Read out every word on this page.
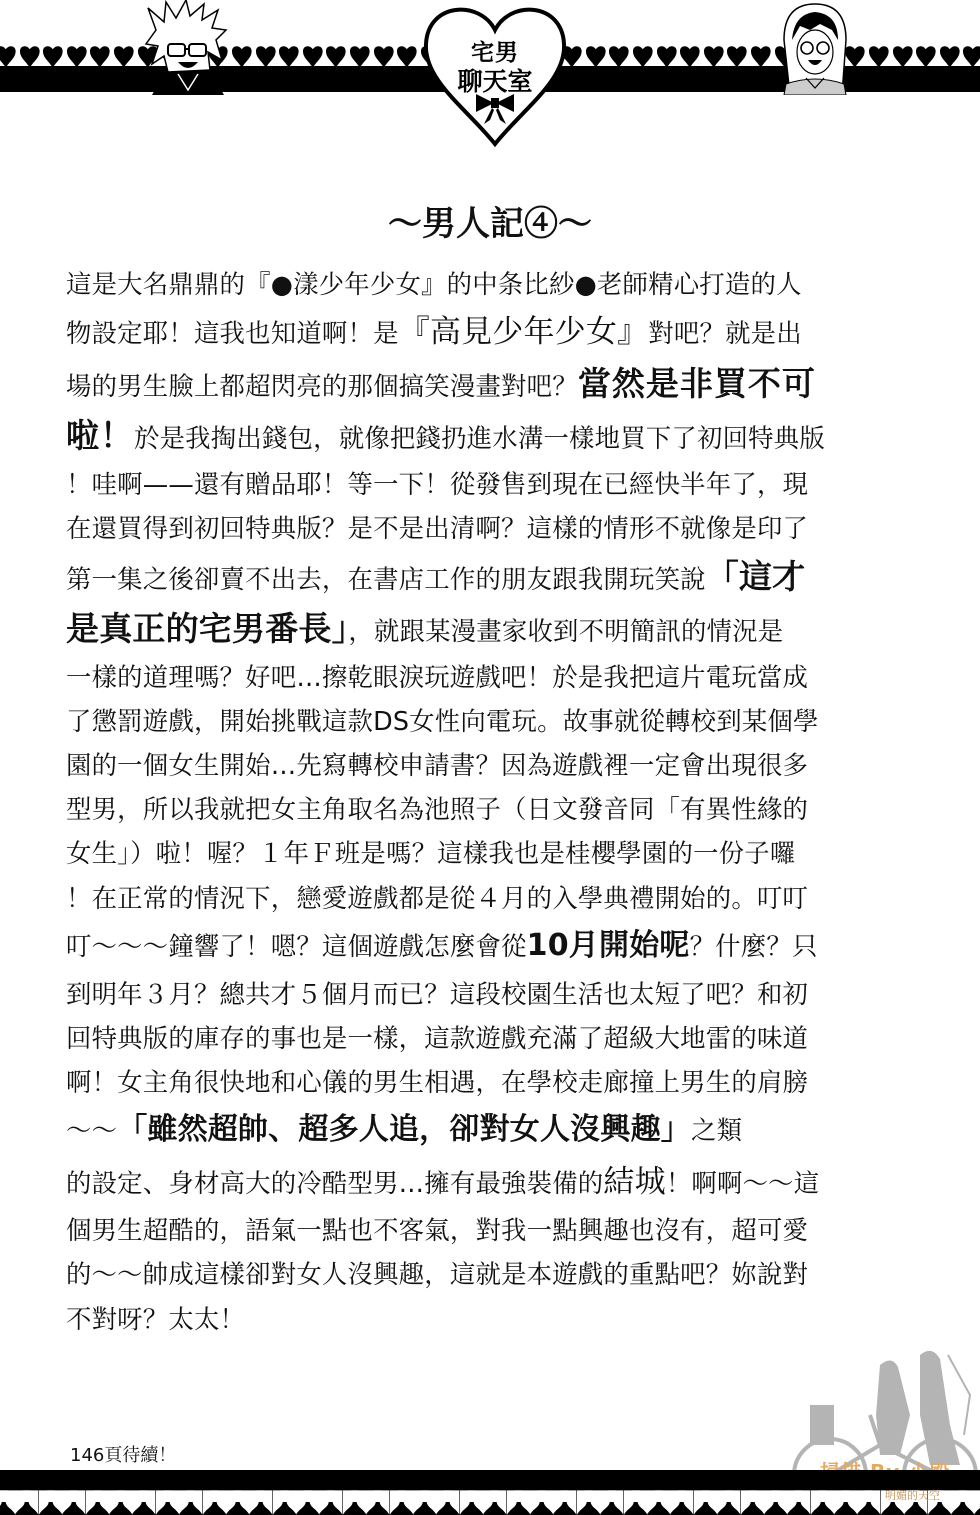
宅男
聊天室
〜男人記④〜
這是大名鼎鼎的『●漾少年少女』的中条比紗●老師精心打造的人
物設定耶！這我也知道啊！是『高見少年少女』對吧？就是出
場的男生臉上都超閃亮的那個搞笑漫畫對吧？當然是非買不可
啦！於是我掏出錢包，就像把錢扔進水溝一樣地買下了初回特典版
！哇啊——還有贈品耶！等一下！從發售到現在已經快半年了，現
在還買得到初回特典版？是不是出清啊？這樣的情形不就像是印了
第一集之後卻賣不出去，在書店工作的朋友跟我開玩笑說「這才
是真正的宅男番長」，就跟某漫畫家收到不明簡訊的情況是
一樣的道理嗎？好吧…擦乾眼淚玩遊戲吧！於是我把這片電玩當成
了懲罰遊戲，開始挑戰這款DS女性向電玩。故事就從轉校到某個學
園的一個女生開始…先寫轉校申請書？因為遊戲裡一定會出現很多
型男，所以我就把女主角取名為池照子（日文發音同「有異性緣的
女生」）啦！喔？１年Ｆ班是嗎？這樣我也是桂櫻學園的一份子囉
！在正常的情況下，戀愛遊戲都是從４月的入學典禮開始的。叮叮
叮〜〜〜鐘響了！嗯？這個遊戲怎麼會從10月開始呢？什麼？只
到明年３月？總共才５個月而已？這段校園生活也太短了吧？和初
回特典版的庫存的事也是一樣，這款遊戲充滿了超級大地雷的味道
啊！女主角很快地和心儀的男生相遇，在學校走廊撞上男生的肩膀
〜〜「雖然超帥、超多人追，卻對女人沒興趣」之類
的設定、身材高大的冷酷型男…擁有最強裝備的結城！啊啊〜〜這
個男生超酷的，語氣一點也不客氣，對我一點興趣也沒有，超可愛
的〜〜帥成這樣卻對女人沒興趣，這就是本遊戲的重點吧？妳說對
不對呀？太太！
146頁待續！
明媚的天空
